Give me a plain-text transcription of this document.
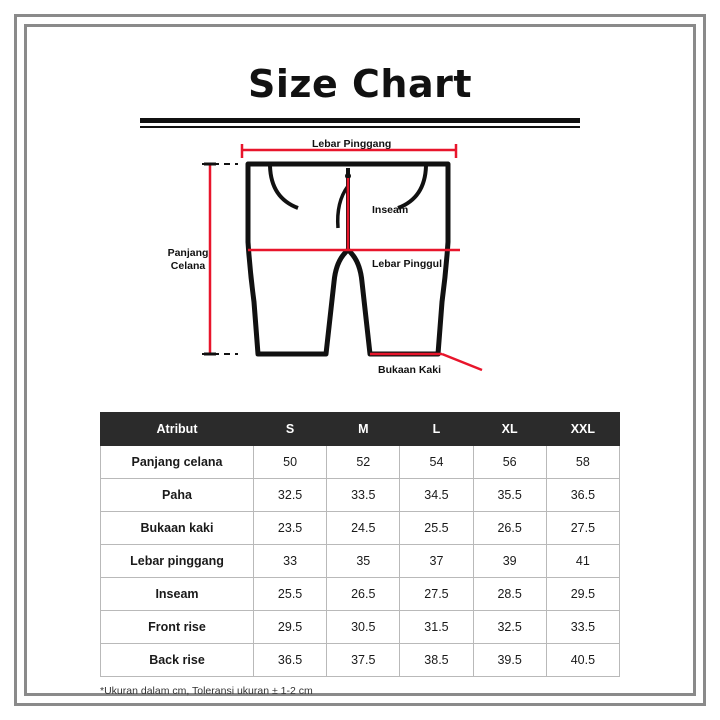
Size Chart
Panjang Celana
Lebar Pinggang
Inseam
Lebar Pinggul
Bukaan Kaki
Atribut	S	M	L	XL	XXL
Panjang celana	50	52	54	56	58
Paha	32.5	33.5	34.5	35.5	36.5
Bukaan kaki	23.5	24.5	25.5	26.5	27.5
Lebar pinggang	33	35	37	39	41
Inseam	25.5	26.5	27.5	28.5	29.5
Front rise	29.5	30.5	31.5	32.5	33.5
Back rise	36.5	37.5	38.5	39.5	40.5
*Ukuran dalam cm, Toleransi ukuran ± 1-2 cm
